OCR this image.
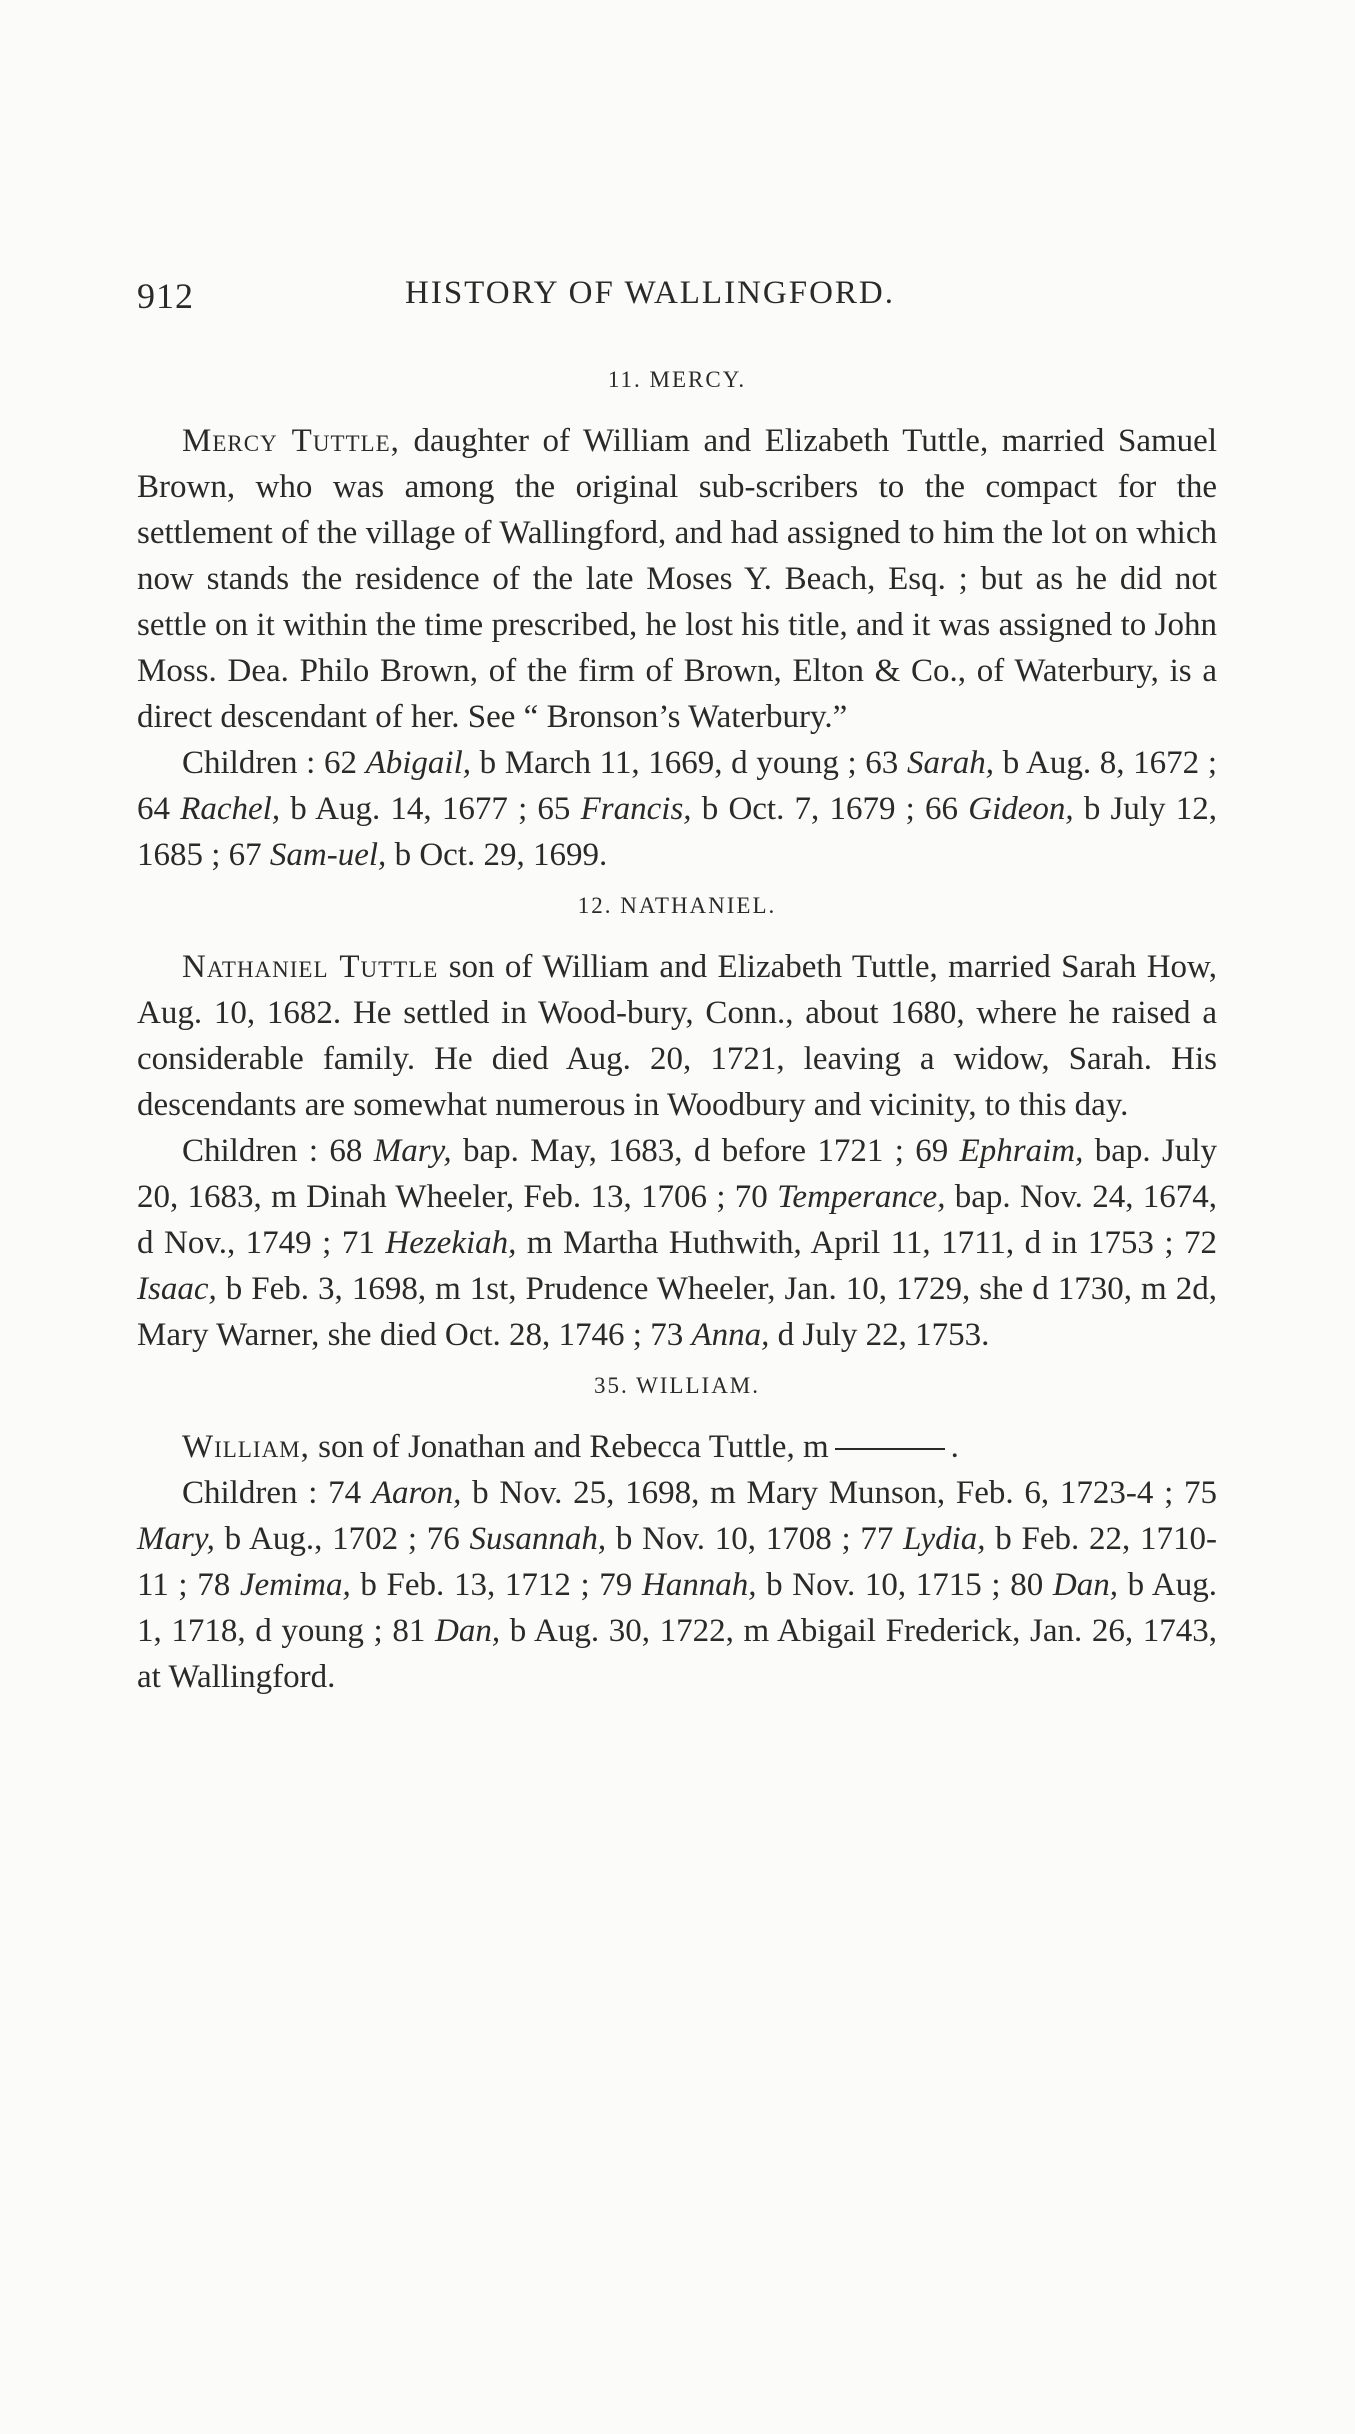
912	HISTORY OF WALLINGFORD.
11. MERCY.

Mercy Tuttle, daughter of William and Elizabeth Tuttle, married Samuel Brown, who was among the original sub-scribers to the compact for the settlement of the village of Wallingford, and had assigned to him the lot on which now stands the residence of the late Moses Y. Beach, Esq. ; but as he did not settle on it within the time prescribed, he lost his title, and it was assigned to John Moss. Dea. Philo Brown, of the firm of Brown, Elton & Co., of Waterbury, is a direct descendant of her. See “ Bronson’s Waterbury.”

Children : 62 Abigail, b March 11, 1669, d young ; 63 Sarah, b Aug. 8, 1672 ; 64 Rachel, b Aug. 14, 1677 ; 65 Francis, b Oct. 7, 1679 ; 66 Gideon, b July 12, 1685 ; 67 Sam-uel, b Oct. 29, 1699.

12. NATHANIEL.

Nathaniel Tuttle son of William and Elizabeth Tuttle, married Sarah How, Aug. 10, 1682. He settled in Wood-bury, Conn., about 1680, where he raised a considerable family. He died Aug. 20, 1721, leaving a widow, Sarah. His descendants are somewhat numerous in Woodbury and vicinity, to this day.

Children : 68 Mary, bap. May, 1683, d before 1721 ; 69 Ephraim, bap. July 20, 1683, m Dinah Wheeler, Feb. 13, 1706 ; 70 Temperance, bap. Nov. 24, 1674, d Nov., 1749 ; 71 Hezekiah, m Martha Huthwith, April 11, 1711, d in 1753 ; 72 Isaac, b Feb. 3, 1698, m 1st, Prudence Wheeler, Jan. 10, 1729, she d 1730, m 2d, Mary Warner, she died Oct. 28, 1746 ; 73 Anna, d July 22, 1753.

35. WILLIAM.

William, son of Jonathan and Rebecca Tuttle, m	.

Children : 74 Aaron, b Nov. 25, 1698, m Mary Munson, Feb. 6, 1723-4 ; 75 Mary, b Aug., 1702 ; 76 Susannah, b Nov. 10, 1708 ; 77 Lydia, b Feb. 22, 1710-11 ; 78 Jemima, b Feb. 13, 1712 ; 79 Hannah, b Nov. 10, 1715 ; 80 Dan, b Aug. 1, 1718, d young ; 81 Dan, b Aug. 30, 1722, m Abigail Frederick, Jan. 26, 1743, at Wallingford.
